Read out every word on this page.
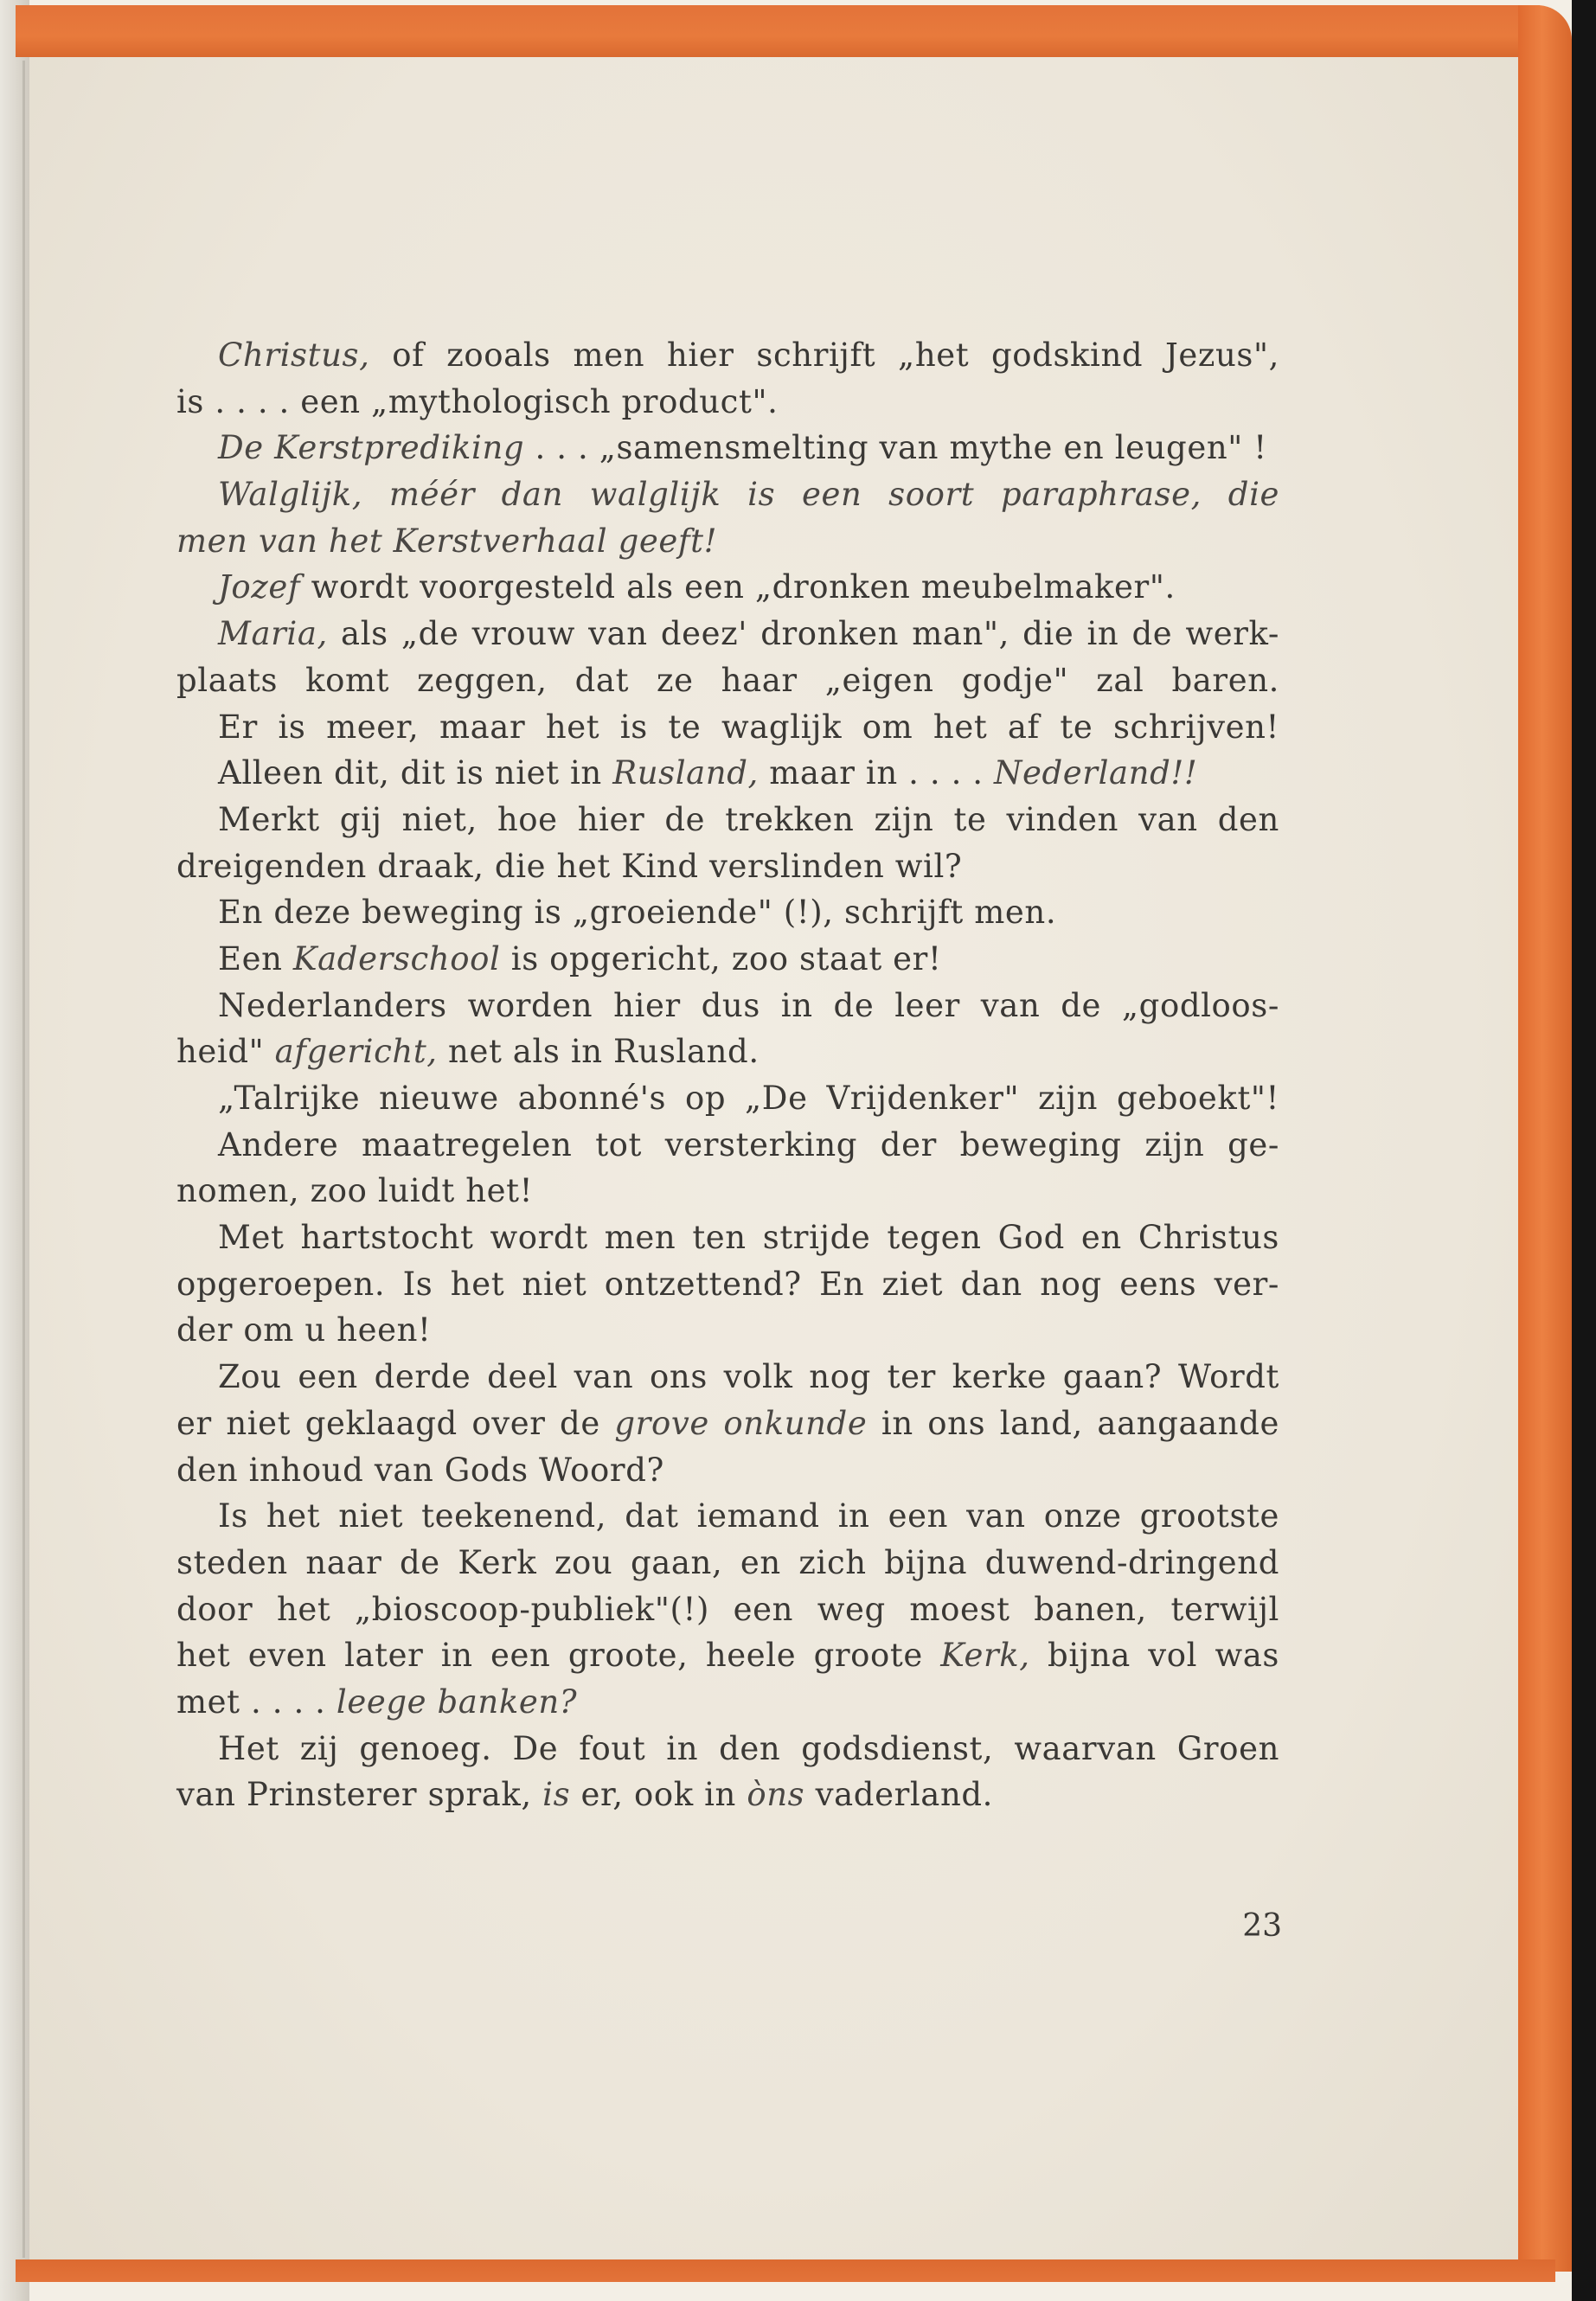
Christus, of zooals men hier schrijft „het godskind Jezus",
is . . . . een „mythologisch product".
De Kerstprediking . . . „samensmelting van mythe en leugen" !
Walglijk, méér dan walglijk is een soort paraphrase, die
men van het Kerstverhaal geeft!
Jozef wordt voorgesteld als een „dronken meubelmaker".
Maria, als „de vrouw van deez' dronken man", die in de werk-
plaats komt zeggen, dat ze haar „eigen godje" zal baren.
Er is meer, maar het is te waglijk om het af te schrijven!
Alleen dit, dit is niet in Rusland, maar in . . . . Nederland!!
Merkt gij niet, hoe hier de trekken zijn te vinden van den
dreigenden draak, die het Kind verslinden wil?
En deze beweging is „groeiende" (!), schrijft men.
Een Kaderschool is opgericht, zoo staat er!
Nederlanders worden hier dus in de leer van de „godloos-
heid" afgericht, net als in Rusland.
„Talrijke nieuwe abonné's op „De Vrijdenker" zijn geboekt"!
Andere maatregelen tot versterking der beweging zijn ge-
nomen, zoo luidt het!
Met hartstocht wordt men ten strijde tegen God en Christus
opgeroepen. Is het niet ontzettend? En ziet dan nog eens ver-
der om u heen!
Zou een derde deel van ons volk nog ter kerke gaan? Wordt
er niet geklaagd over de grove onkunde in ons land, aangaande
den inhoud van Gods Woord?
Is het niet teekenend, dat iemand in een van onze grootste
steden naar de Kerk zou gaan, en zich bijna duwend-dringend
door het „bioscoop-publiek"(!) een weg moest banen, terwijl
het even later in een groote, heele groote Kerk, bijna vol was
met . . . . leege banken?
Het zij genoeg. De fout in den godsdienst, waarvan Groen
van Prinsterer sprak, is er, ook in òns vaderland.
23
